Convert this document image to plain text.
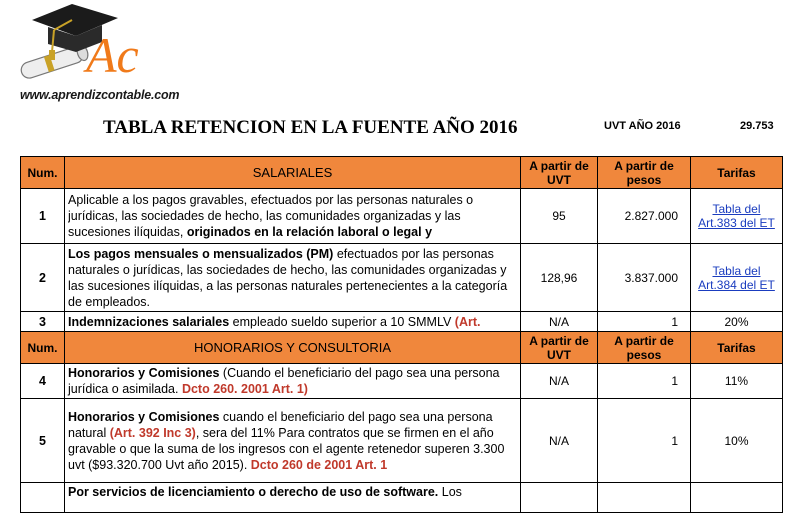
Ac
www.aprendizcontable.com
TABLA RETENCION EN LA FUENTE AÑO 2016	UVT AÑO 2016	29.753
Num.	SALARIALES	A partir de UVT	A partir de pesos	Tarifas
1	Aplicable a los pagos gravables, efectuados por las personas naturales o jurídicas, las sociedades de hecho, las comunidades organizadas y las sucesiones ilíquidas, originados en la relación laboral o legal y	95	2.827.000	Tabla del Art.383 del ET
2	Los pagos mensuales o mensualizados (PM) efectuados por las personas naturales o jurídicas, las sociedades de hecho, las comunidades organizadas y las sucesiones ilíquidas, a las personas naturales pertenecientes a la categoría de empleados.	128,96	3.837.000	Tabla del Art.384 del ET
3	Indemnizaciones salariales empleado sueldo superior a 10 SMMLV (Art.	N/A	1	20%
Num.	HONORARIOS Y CONSULTORIA	A partir de UVT	A partir de pesos	Tarifas
4	Honorarios y Comisiones (Cuando el beneficiario del pago sea una persona jurídica o asimilada. Dcto 260. 2001 Art. 1)	N/A	1	11%
5	Honorarios y Comisiones cuando el beneficiario del pago sea una persona natural (Art. 392 Inc 3), sera del 11% Para contratos que se firmen en el año gravable o que la suma de los ingresos con el agente retenedor superen 3.300 uvt ($93.320.700 Uvt año 2015). Dcto 260 de 2001 Art. 1	N/A	1	10%

	Por servicios de licenciamiento o derecho de uso de software. Los			
